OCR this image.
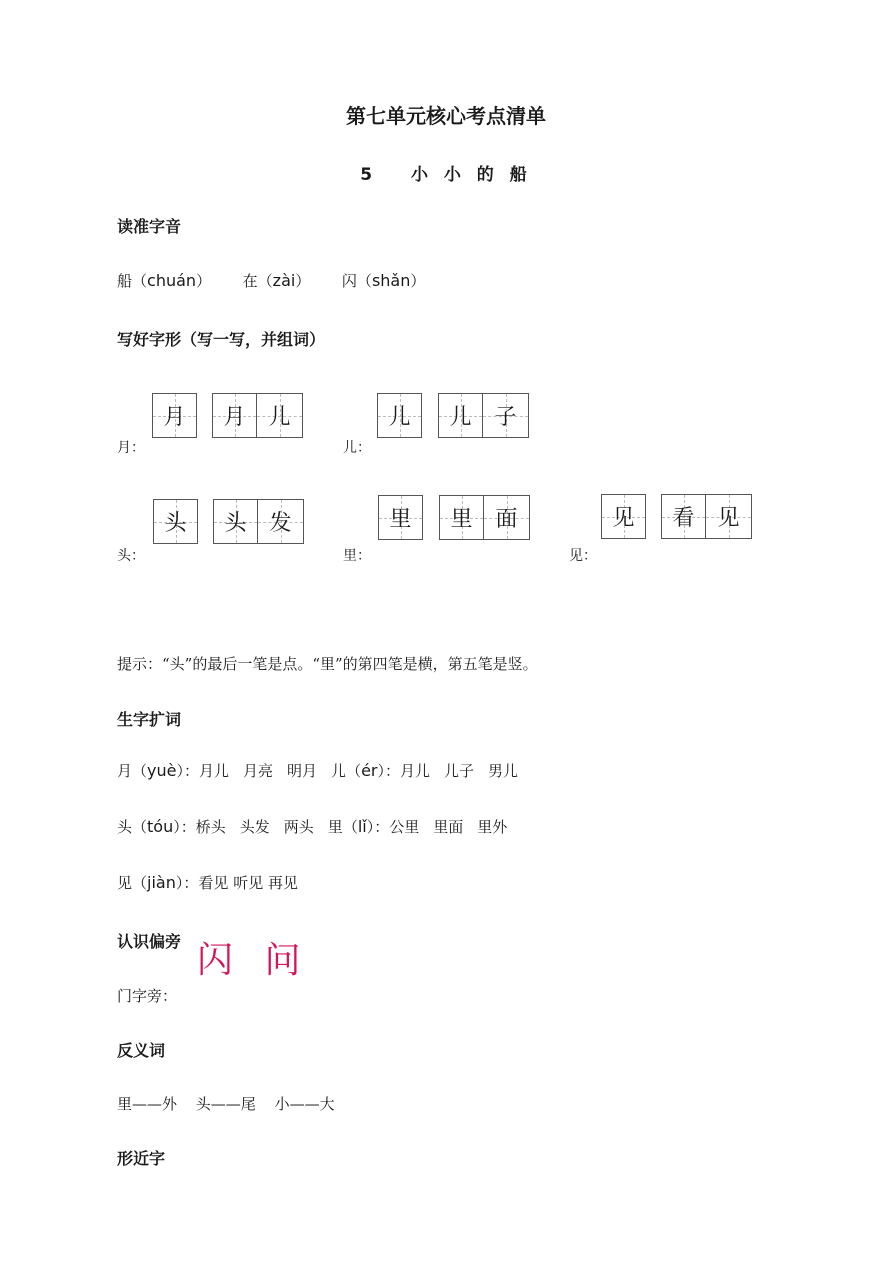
第七单元核心考点清单
5 小 小 的 船
读准字音
船（chuán） 在（zài） 闪（shǎn）
写好字形（写一写，并组词）
月：
月 月 儿
儿：
儿 儿 子
头：
头 头 发
里：
里 里 面
见：
见 看 见
提示：“头”的最后一笔是点。“里”的第四笔是横，第五笔是竖。
生字扩词
月（yuè）：月儿 月亮 明月 儿（ér）：月儿 儿子 男儿
头（tóu）：桥头 头发 两头 里（lǐ）：公里 里面 里外
见（jiàn）：看见 听见 再见
认识偏旁 闪 问
门字旁：
反义词
里——外 头——尾 小——大
形近字
